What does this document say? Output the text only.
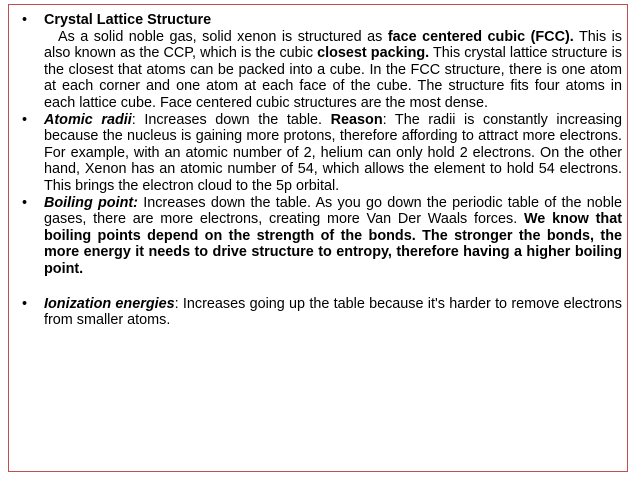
• Crystal Lattice Structure
As a solid noble gas, solid xenon is structured as face centered cubic (FCC). This is also known as the CCP, which is the cubic closest packing. This crystal lattice structure is the closest that atoms can be packed into a cube. In the FCC structure, there is one atom at each corner and one atom at each face of the cube. The structure fits four atoms in each lattice cube. Face centered cubic structures are the most dense.
• Atomic radii: Increases down the table. Reason: The radii is constantly increasing because the nucleus is gaining more protons, therefore affording to attract more electrons. For example, with an atomic number of 2, helium can only hold 2 electrons. On the other hand, Xenon has an atomic number of 54, which allows the element to hold 54 electrons. This brings the electron cloud to the 5p orbital.
• Boiling point: Increases down the table. As you go down the periodic table of the noble gases, there are more electrons, creating more Van Der Waals forces. We know that boiling points depend on the strength of the bonds. The stronger the bonds, the more energy it needs to drive structure to entropy, therefore having a higher boiling point.
• Ionization energies: Increases going up the table because it's harder to remove electrons from smaller atoms.
